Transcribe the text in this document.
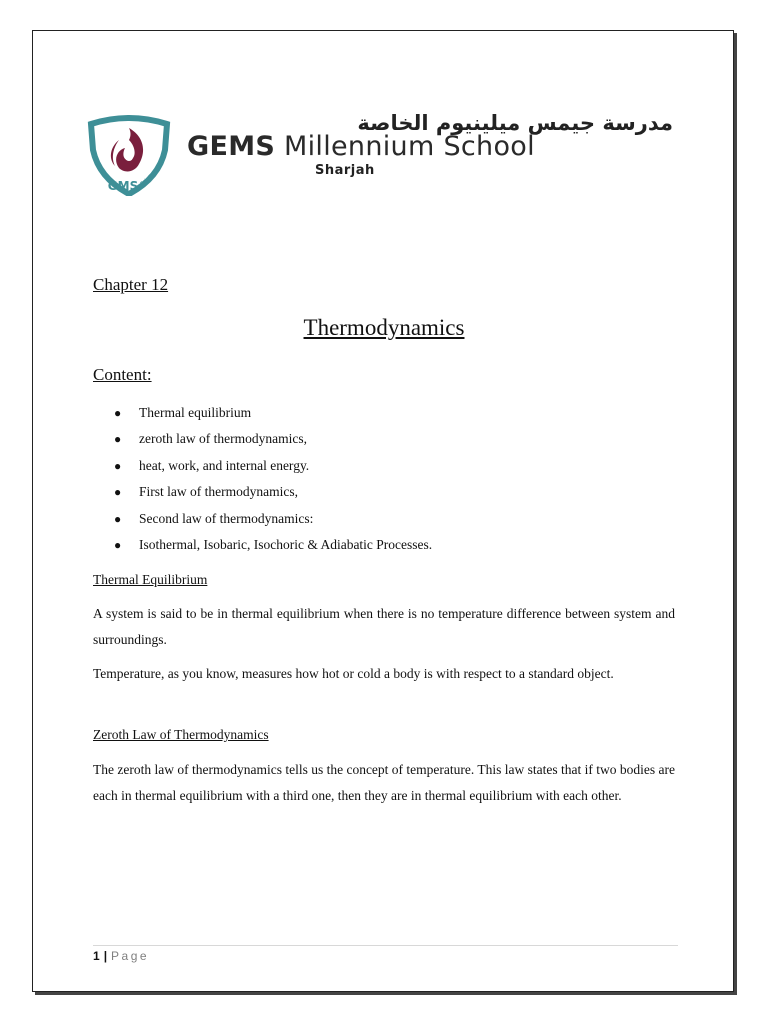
GMS Est. 2008
مدرسة جيمس ميلينيوم الخاصة
GEMS Millennium School
Sharjah
Chapter 12
Thermodynamics
Content:
● Thermal equilibrium
● zeroth law of thermodynamics,
● heat, work, and internal energy.
● First law of thermodynamics,
● Second law of thermodynamics:
● Isothermal, Isobaric, Isochoric & Adiabatic Processes.
Thermal Equilibrium

A system is said to be in thermal equilibrium when there is no temperature difference between system and surroundings.

Temperature, as you know, measures how hot or cold a body is with respect to a standard object.

Zeroth Law of Thermodynamics

The zeroth law of thermodynamics tells us the concept of temperature. This law states that if two bodies are each in thermal equilibrium with a third one, then they are in thermal equilibrium with each other.

1 | Page
